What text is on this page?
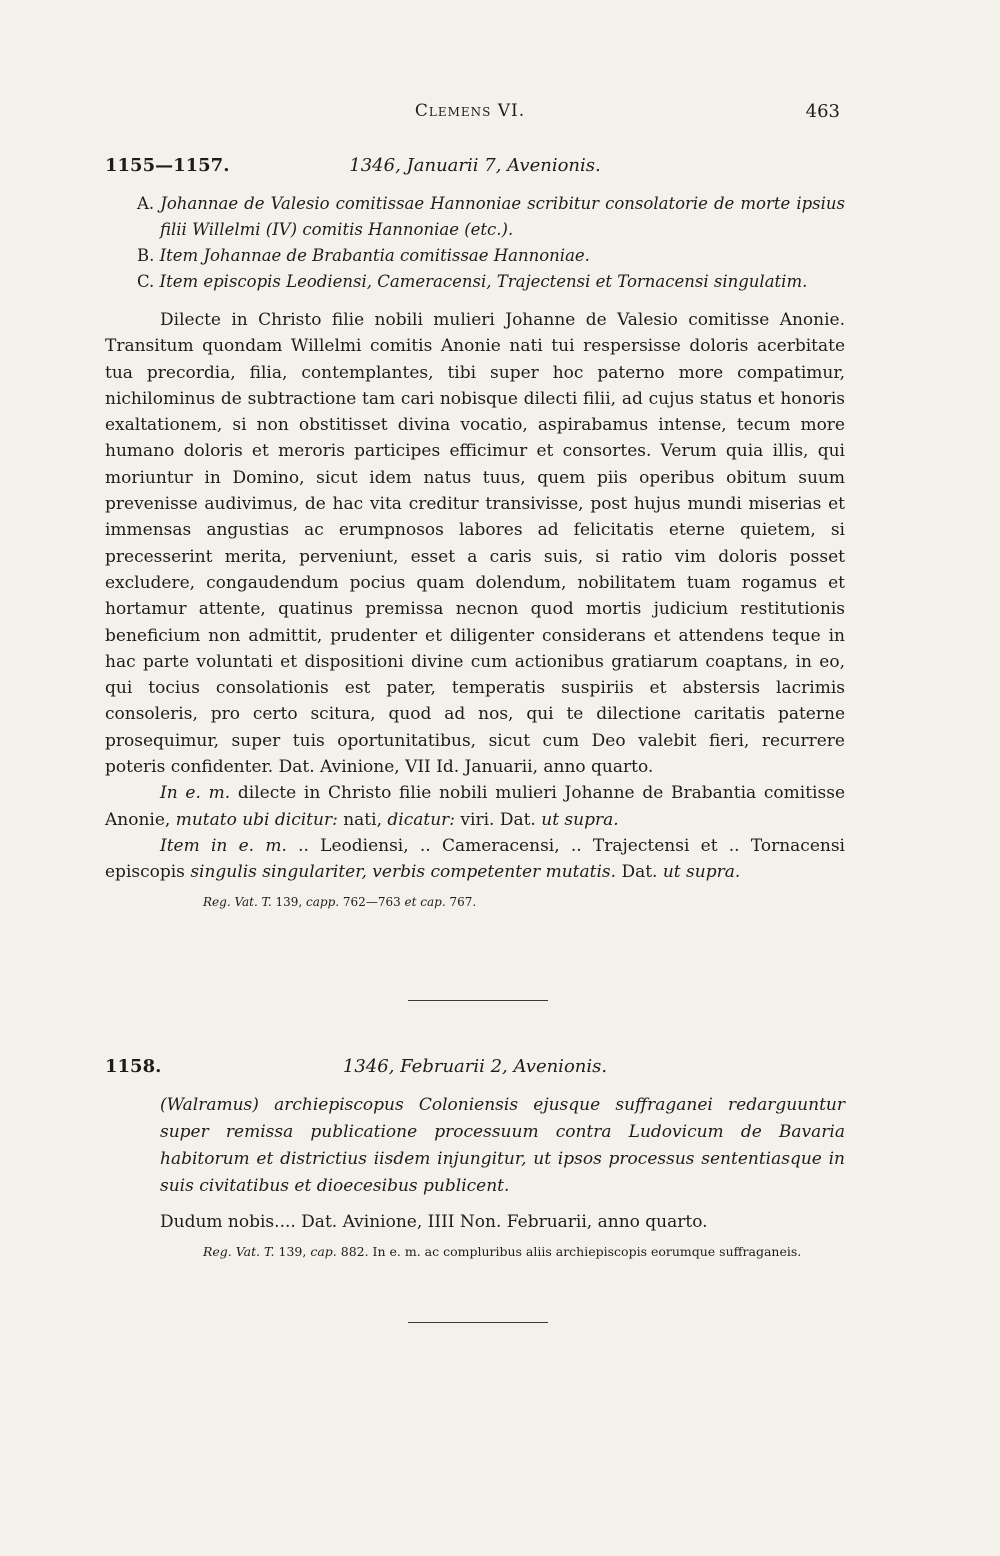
Clemens VI.	463
1155—1157.	1346, Januarii 7, Avenionis.
A. Johannae de Valesio comitissae Hannoniae scribitur consolatorie de morte ipsius filii Willelmi (IV) comitis Hannoniae (etc.).
B. Item Johannae de Brabantia comitissae Hannoniae.
C. Item episcopis Leodiensi, Cameracensi, Trajectensi et Tornacensi singulatim.

Dilecte in Christo filie nobili mulieri Johanne de Valesio comitisse Anonie. Transitum quondam Willelmi comitis Anonie nati tui respersisse doloris acerbitate tua precordia, filia, contemplantes, tibi super hoc paterno more compatimur, nichilominus de subtractione tam cari nobisque dilecti filii, ad cujus status et honoris exaltationem, si non obstitisset divina vocatio, aspirabamus intense, tecum more humano doloris et meroris participes efficimur et consortes. Verum quia illis, qui moriuntur in Domino, sicut idem natus tuus, quem piis operibus obitum suum prevenisse audivimus, de hac vita creditur transivisse, post hujus mundi miserias et immensas angustias ac erumpnosos labores ad felicitatis eterne quietem, si precesserint merita, perveniunt, esset a caris suis, si ratio vim doloris posset excludere, congaudendum pocius quam dolendum, nobilitatem tuam rogamus et hortamur attente, quatinus premissa necnon quod mortis judicium restitutionis beneficium non admittit, prudenter et diligenter considerans et attendens teque in hac parte voluntati et dispositioni divine cum actionibus gratiarum coaptans, in eo, qui tocius consolationis est pater, temperatis suspiriis et abstersis lacrimis consoleris, pro certo scitura, quod ad nos, qui te dilectione caritatis paterne prosequimur, super tuis oportunitatibus, sicut cum Deo valebit fieri, recurrere poteris confidenter. Dat. Avinione, VII Id. Januarii, anno quarto.

In e. m. dilecte in Christo filie nobili mulieri Johanne de Brabantia comitisse Anonie, mutato ubi dicitur: nati, dicatur: viri. Dat. ut supra.

Item in e. m. .. Leodiensi, .. Cameracensi, .. Trajectensi et .. Tornacensi episcopis singulis singulariter, verbis competenter mutatis. Dat. ut supra.

Reg. Vat. T. 139, capp. 762—763 et cap. 767.
1158.	1346, Februarii 2, Avenionis.
(Walramus) archiepiscopus Coloniensis ejusque suffraganei redarguuntur super remissa publicatione processuum contra Ludovicum de Bavaria habitorum et districtius iisdem injungitur, ut ipsos processus sententiasque in suis civitatibus et dioecesibus publicent.
Dudum nobis.... Dat. Avinione, IIII Non. Februarii, anno quarto.
Reg. Vat. T. 139, cap. 882. In e. m. ac compluribus aliis archiepiscopis eorumque suffraganeis.
